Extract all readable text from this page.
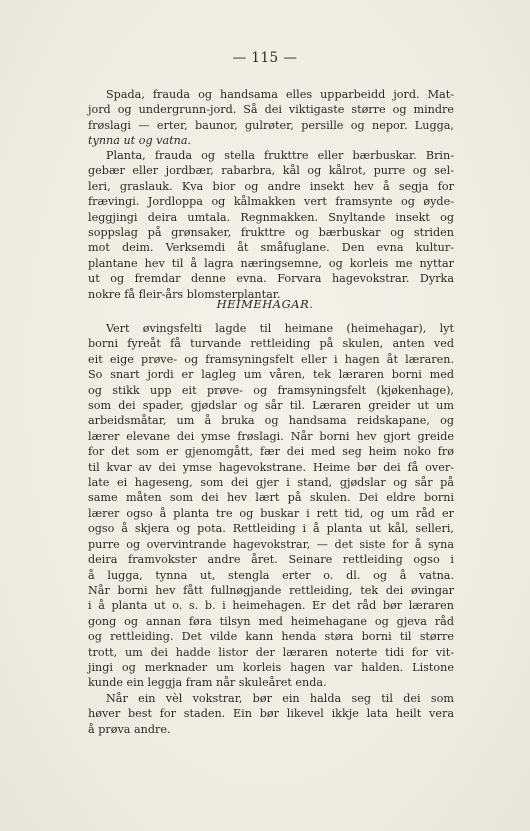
— 115 —
Spada, frauda og handsama elles upparbeidd jord. Mat-
jord og undergrunn-jord. Så dei viktigaste større og mindre
frøslagi — erter, baunor, gulrøter, persille og nepor. Lugga,
tynna ut og vatna.
Planta, frauda og stella frukttre eller bærbuskar. Brin-
gebær eller jordbær, rabarbra, kål og kålrot, purre og sel-
leri, graslauk. Kva bior og andre insekt hev å segja for
frævingi. Jordloppa og kålmakken vert framsynte og øyde-
leggjingi deira umtala. Regnmakken. Snyltande insekt og
soppslag på grønsaker, frukttre og bærbuskar og striden
mot deim. Verksemdi åt småfuglane. Den evna kultur-
plantane hev til å lagra næringsemne, og korleis me nyttar
ut og fremdar denne evna. Forvara hagevokstrar. Dyrka
nokre få fleir-års blomsterplantar.
HEIMEHAGAR.
Vert øvingsfelti lagde til heimane (heimehagar), lyt
borni fyreåt få turvande rettleiding på skulen, anten ved
eit eige prøve- og framsyningsfelt eller i hagen åt læraren.
So snart jordi er lagleg um våren, tek læraren borni med
og stikk upp eit prøve- og framsyningsfelt (kjøkenhage),
som dei spader, gjødslar og sår til. Læraren greider ut um
arbeidsmåtar, um å bruka og handsama reidskapane, og
lærer elevane dei ymse frøslagi. Når borni hev gjort greide
for det som er gjenomgått, fær dei med seg heim noko frø
til kvar av dei ymse hagevokstrane. Heime bør dei få over-
late ei hageseng, som dei gjer i stand, gjødslar og sår på
same måten som dei hev lært på skulen. Dei eldre borni
lærer ogso å planta tre og buskar i rett tid, og um råd er
ogso å skjera og pota. Rettleiding i å planta ut kål, selleri,
purre og overvintrande hagevokstrar, — det siste for å syna
deira framvokster andre året. Seinare rettleiding ogso i
å lugga, tynna ut, stengla erter o. dl. og å vatna.
Når borni hev fått fullnøgjande rettleiding, tek dei øvingar
i å planta ut o. s. b. i heimehagen. Er det råd bør læraren
gong og annan føra tilsyn med heimehagane og gjeva råd
og rettleiding. Det vilde kann henda støra borni til større
trott, um dei hadde listor der læraren noterte tidi for vit-
jingi og merknader um korleis hagen var halden. Listone
kunde ein leggja fram når skuleåret enda.
Når ein vèl vokstrar, bør ein halda seg til dei som
høver best for staden. Ein bør likevel ikkje lata heilt vera
å prøva andre.
